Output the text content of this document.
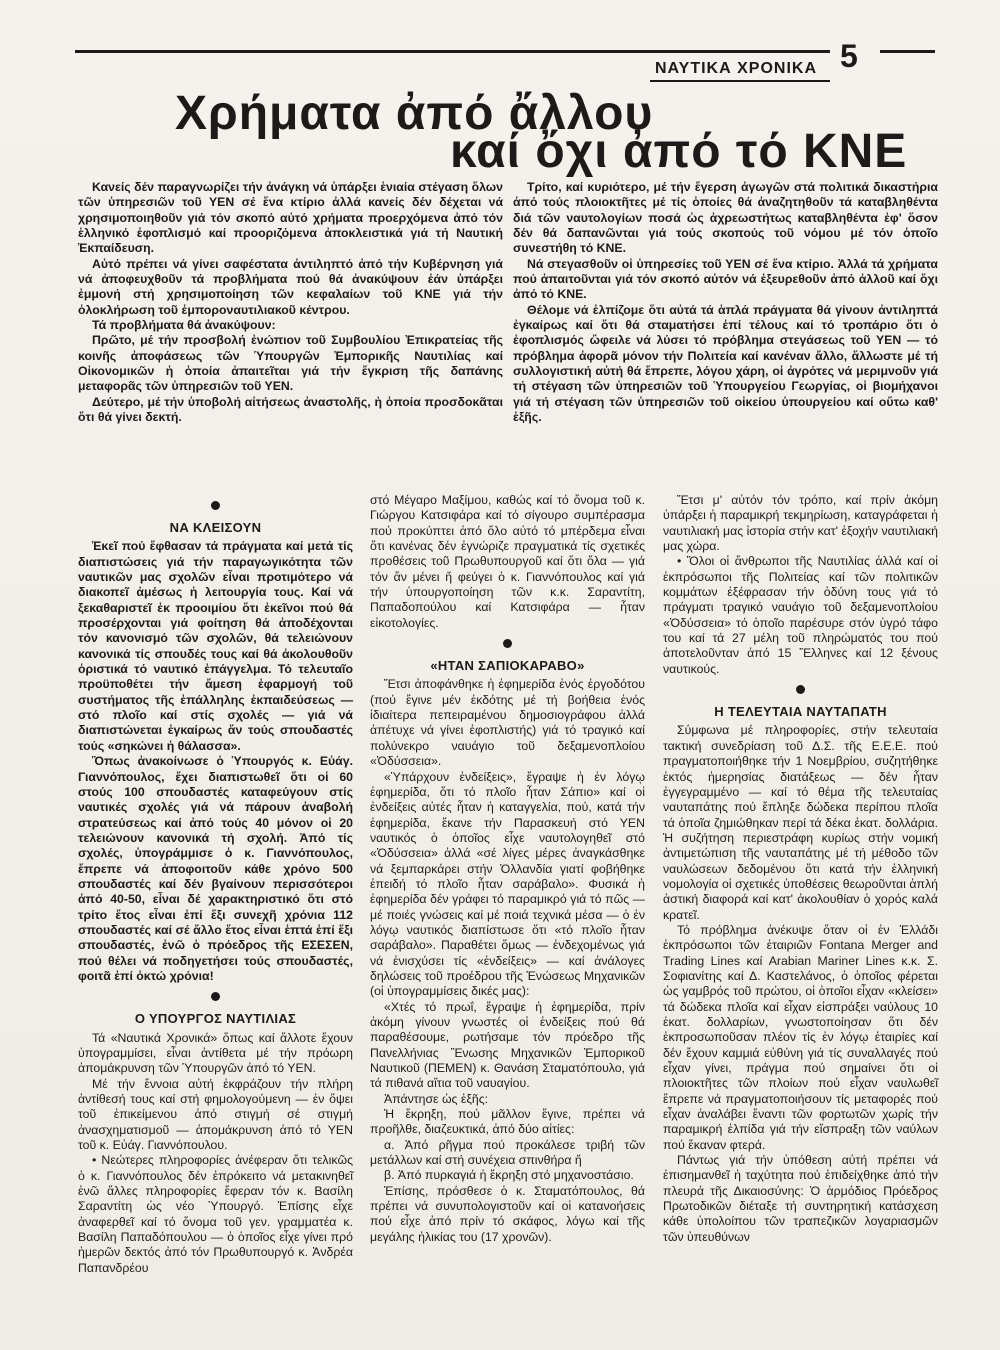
5
ΝΑΥΤΙΚΑ ΧΡΟΝΙΚΑ
Χρήματα ἀπό ἄλλου
καί ὄχι ἀπό τό ΚΝΕ

Κανείς δέν παραγνωρίζει τήν ἀνάγκη νά ὑπάρξει ἑνιαία στέγαση ὅλων τῶν ὑπηρεσιῶν τοῦ ΥΕΝ σέ ἕνα κτίριο ἀλλά κανείς δέν δέχεται νά χρησιμοποιηθοῦν γιά τόν σκοπό αὐτό χρήματα προερχόμενα ἀπό τόν ἑλληνικό ἐφοπλισμό καί προοριζόμενα ἀποκλειστικά γιά τή Ναυτική Ἐκπαίδευση.

Αὐτό πρέπει νά γίνει σαφέστατα ἀντιληπτό ἀπό τήν Κυβέρνηση γιά νά ἀποφευχθοῦν τά προβλήματα πού θά ἀνακύψουν ἐάν ὑπάρξει ἐμμονή στή χρησιμοποίηση τῶν κεφαλαίων τοῦ ΚΝΕ γιά τήν ὁλοκλήρωση τοῦ ἐμποροναυτιλιακοῦ κέντρου.

Τά προβλήματα θά ἀνακύψουν:

Πρῶτο, μέ τήν προσβολή ἐνώπιον τοῦ Συμβουλίου Ἐπικρατείας τῆς κοινῆς ἀποφάσεως τῶν Ὑπουργῶν Ἐμπορικῆς Ναυτιλίας καί Οἰκονομικῶν ἡ ὁποία ἀπαιτεῖται γιά τήν ἔγκριση τῆς δαπάνης μεταφορᾶς τῶν ὑπηρεσιῶν τοῦ ΥΕΝ.

Δεύτερο, μέ τήν ὑποβολή αἰτήσεως ἀναστολῆς, ἡ ὁποία προσδοκᾶται ὅτι θά γίνει δεκτή.

Τρίτο, καί κυριότερο, μέ τήν ἔγερση ἀγωγῶν στά πολιτικά δικαστήρια ἀπό τούς πλοιοκτῆτες μέ τίς ὁποίες θά ἀναζητηθοῦν τά καταβληθέντα διά τῶν ναυτολογίων ποσά ὡς ἀχρεωστήτως καταβληθέντα ἐφ' ὅσον δέν θά δαπανῶνται γιά τούς σκοπούς τοῦ νόμου μέ τόν ὁποῖο συνεστήθη τό ΚΝΕ.

Νά στεγασθοῦν οἱ ὑπηρεσίες τοῦ ΥΕΝ σέ ἕνα κτίριο. Ἀλλά τά χρήματα πού ἀπαιτοῦνται γιά τόν σκοπό αὐτόν νά ἐξευρεθοῦν ἀπό ἀλλοῦ καί ὄχι ἀπό τό ΚΝΕ.

Θέλομε νά ἐλπίζομε ὅτι αὐτά τά ἁπλά πράγματα θά γίνουν ἀντιληπτά ἐγκαίρως καί ὅτι θά σταματήσει ἐπί τέλους καί τό τροπάριο ὅτι ὁ ἐφοπλισμός ὤφειλε νά λύσει τό πρόβλημα στεγάσεως τοῦ ΥΕΝ — τό πρόβλημα ἀφορᾶ μόνον τήν Πολιτεία καί κανέναν ἄλλο, ἄλλωστε μέ τή συλλογιστική αὐτή θά ἔπρεπε, λόγου χάρη, οἱ ἀγρότες νά μεριμνοῦν γιά τή στέγαση τῶν ὑπηρεσιῶν τοῦ Ὑπουργείου Γεωργίας, οἱ βιομήχανοι γιά τή στέγαση τῶν ὑπηρεσιῶν τοῦ οἰκείου ὑπουργείου καί οὕτω καθ' ἑξῆς.

ΝΑ ΚΛΕΙΣΟΥΝ

Ἐκεῖ πού ἔφθασαν τά πράγματα καί μετά τίς διαπιστώσεις γιά τήν παραγωγικότητα τῶν ναυτικῶν μας σχολῶν εἶναι προτιμότερο νά διακοπεῖ ἀμέσως ἡ λειτουργία τους. Καί νά ξεκαθαριστεῖ ἐκ προοιμίου ὅτι ἐκεῖνοι πού θά προσέρχονται γιά φοίτηση θά ἀποδέχονται τόν κανονισμό τῶν σχολῶν, θά τελειώνουν κανονικά τίς σπουδές τους καί θά ἀκολουθοῦν ὁριστικά τό ναυτικό ἐπάγγελμα. Τό τελευταῖο προϋποθέτει τήν ἄμεση ἐφαρμογή τοῦ συστήματος τῆς ἐπάλληλης ἐκπαιδεύσεως — στό πλοῖο καί στίς σχολές — γιά νά διαπιστώνεται ἐγκαίρως ἄν τούς σπουδαστές τούς «σηκώνει ἡ θάλασσα».

Ὅπως ἀνακοίνωσε ὁ Ὑπουργός κ. Εὐάγ. Γιαννόπουλος, ἔχει διαπιστωθεῖ ὅτι οἱ 60 στούς 100 σπουδαστές καταφεύγουν στίς ναυτικές σχολές γιά νά πάρουν ἀναβολή στρατεύσεως καί ἀπό τούς 40 μόνον οἱ 20 τελειώνουν κανονικά τή σχολή. Ἀπό τίς σχολές, ὑπογράμμισε ὁ κ. Γιαννόπουλος, ἔπρεπε νά ἀποφοιτοῦν κάθε χρόνο 500 σπουδαστές καί δέν βγαίνουν περισσότεροι ἀπό 40-50, εἶναι δέ χαρακτηριστικό ὅτι στό τρίτο ἔτος εἶναι ἐπί ἕξι συνεχῆ χρόνια 112 σπουδαστές καί σέ ἄλλο ἔτος εἶναι ἑπτά ἐπί ἕξι σπουδαστές, ἐνῶ ὁ πρόεδρος τῆς ΕΣΕΣΕΝ, πού θέλει νά ποδηγετήσει τούς σπουδαστές, φοιτᾶ ἐπί ὀκτώ χρόνια!

Ο ΥΠΟΥΡΓΟΣ ΝΑΥΤΙΛΙΑΣ

Τά «Ναυτικά Χρονικά» ὅπως καί ἄλλοτε ἔχουν ὑπογραμμίσει, εἶναι ἀντίθετα μέ τήν πρόωρη ἀπομάκρυνση τῶν Ὑπουργῶν ἀπό τό ΥΕΝ.

Μέ τήν ἔννοια αὐτή ἐκφράζουν τήν πλήρη ἀντίθεσή τους καί στή φημολογούμενη — ἐν ὄψει τοῦ ἐπικείμενου ἀπό στιγμή σέ στιγμή ἀνασχηματισμοῦ — ἀπομάκρυνση ἀπό τό ΥΕΝ τοῦ κ. Εὐάγ. Γιαννόπουλου.

• Νεώτερες πληροφορίες ἀνέφεραν ὅτι τελικῶς ὁ κ. Γιαννόπουλος δέν ἐπρόκειτο νά μετακινηθεῖ ἐνῶ ἄλλες πληροφορίες ἔφεραν τόν κ. Βασίλη Σαραντίτη ὡς νέο Ὑπουργό. Ἐπίσης εἶχε ἀναφερθεῖ καί τό ὄνομα τοῦ γεν. γραμματέα κ. Βασίλη Παπαδόπουλου — ὁ ὁποῖος εἶχε γίνει πρό ἡμερῶν δεκτός ἀπό τόν Πρωθυπουργό κ. Ἀνδρέα Παπανδρέου

στό Μέγαρο Μαξίμου, καθώς καί τό ὄνομα τοῦ κ. Γιώργου Κατσιφάρα καί τό σίγουρο συμπέρασμα πού προκύπτει ἀπό ὅλο αὐτό τό μπέρδεμα εἶναι ὅτι κανένας δέν ἐγνώριζε πραγματικά τίς σχετικές προθέσεις τοῦ Πρωθυπουργοῦ καί ὅτι ὅλα — γιά τόν ἄν μένει ἤ φεύγει ὁ κ. Γιαννόπουλος καί γιά τήν ὑπουργοποίηση τῶν κ.κ. Σαραντίτη, Παπαδοπούλου καί Κατσιφάρα — ἦταν εἰκοτολογίες.

«ΗΤΑΝ ΣΑΠΙΟΚΑΡΑΒΟ»

Ἔτσι ἀποφάνθηκε ἡ ἐφημερίδα ἑνός ἐργοδότου (πού ἔγινε μέν ἐκδότης μέ τή βοήθεια ἑνός ἰδιαίτερα πεπειραμένου δημοσιογράφου ἀλλά ἀπέτυχε νά γίνει ἐφοπλιστής) γιά τό τραγικό καί πολύνεκρο ναυάγιο τοῦ δεξαμενοπλοίου «Ὀδύσσεια».

«Ὑπάρχουν ἐνδείξεις», ἔγραψε ἡ ἐν λόγῳ ἐφημερίδα, ὅτι τό πλοῖο ἦταν Σάπιο» καί οἱ ἐνδείξεις αὐτές ἦταν ἡ καταγγελία, πού, κατά τήν ἐφημερίδα, ἔκανε τήν Παρασκευή στό ΥΕΝ ναυτικός ὁ ὁποῖος εἶχε ναυτολογηθεῖ στό «Ὀδύσσεια» ἀλλά «σέ λίγες μέρες ἀναγκάσθηκε νά ξεμπαρκάρει στήν Ὁλλανδία γιατί φοβήθηκε ἐπειδή τό πλοῖο ἦταν σαράβαλο». Φυσικά ἡ ἐφημερίδα δέν γράφει τό παραμικρό γιά τό πῶς — μέ ποιές γνώσεις καί μέ ποιά τεχνικά μέσα — ὁ ἐν λόγῳ ναυτικός διαπίστωσε ὅτι «τό πλοῖο ἦταν σαράβαλο». Παραθέτει ὅμως — ἐνδεχομένως γιά νά ἐνισχύσει τίς «ἐνδείξεις» — καί ἀνάλογες δηλώσεις τοῦ προέδρου τῆς Ἑνώσεως Μηχανικῶν (οἱ ὑπογραμμίσεις δικές μας):

«Χτές τό πρωΐ, ἔγραψε ἡ ἐφημερίδα, πρίν ἀκόμη γίνουν γνωστές οἱ ἐνδείξεις πού θά παραθέσουμε, ρωτήσαμε τόν πρόεδρο τῆς Πανελλήνιας Ἕνωσης Μηχανικῶν Ἐμπορικοῦ Ναυτικοῦ (ΠΕΜΕΝ) κ. Θανάση Σταματόπουλο, γιά τά πιθανά αἴτια τοῦ ναυαγίου.

Ἀπάντησε ὡς ἑξῆς:

Ἡ ἔκρηξη, πού μᾶλλον ἔγινε, πρέπει νά προῆλθε, διαζευκτικά, ἀπό δύο αἰτίες:

α. Ἀπό ρῆγμα πού προκάλεσε τριβή τῶν μετάλλων καί στή συνέχεια σπινθήρα ἤ

β. Ἀπό πυρκαγιά ἡ ἔκρηξη στό μηχανοστάσιο.

Ἐπίσης, πρόσθεσε ὁ κ. Σταματόπουλος, θά πρέπει νά συνυπολογιστοῦν καί οἱ κατανοήσεις πού εἶχε ἀπό πρίν τό σκάφος, λόγω καί τῆς μεγάλης ἡλικίας του (17 χρονῶν).

Ἔτσι μ' αὐτόν τόν τρόπο, καί πρίν ἀκόμη ὑπάρξει ἡ παραμικρή τεκμηρίωση, καταγράφεται ἡ ναυτιλιακή μας ἱστορία στήν κατ' ἐξοχήν ναυτιλιακή μας χώρα.

• Ὅλοι οἱ ἄνθρωποι τῆς Ναυτιλίας ἀλλά καί οἱ ἐκπρόσωποι τῆς Πολιτείας καί τῶν πολιτικῶν κομμάτων ἐξέφρασαν τήν ὀδύνη τους γιά τό πράγματι τραγικό ναυάγιο τοῦ δεξαμενοπλοίου «Ὀδύσσεια» τό ὁποῖο παρέσυρε στόν ὑγρό τάφο του καί τά 27 μέλη τοῦ πληρώματός του πού ἀποτελοῦνταν ἀπό 15 Ἕλληνες καί 12 ξένους ναυτικούς.

Η ΤΕΛΕΥΤΑΙΑ ΝΑΥΤΑΠΑΤΗ

Σύμφωνα μέ πληροφορίες, στήν τελευταία τακτική συνεδρίαση τοῦ Δ.Σ. τῆς Ε.Ε.Ε. πού πραγματοποιήθηκε τήν 1 Νοεμβρίου, συζητήθηκε ἐκτός ἡμερησίας διατάξεως — δέν ἦταν ἐγγεγραμμένο — καί τό θέμα τῆς τελευταίας ναυταπάτης πού ἔπληξε δώδεκα περίπου πλοῖα τά ὁποῖα ζημιώθηκαν περί τά δέκα ἑκατ. δολλάρια. Ἡ συζήτηση περιεστράφη κυρίως στήν νομική ἀντιμετώπιση τῆς ναυταπάτης μέ τή μέθοδο τῶν ναυλώσεων δεδομένου ὅτι κατά τήν ἑλληνική νομολογία οἱ σχετικές ὑποθέσεις θεωροῦνται ἁπλή ἀστική διαφορά καί κατ' ἀκολουθίαν ὁ χορός καλά κρατεῖ.

Τό πρόβλημα ἀνέκυψε ὅταν οἱ ἐν Ἑλλάδι ἐκπρόσωποι τῶν ἑταιριῶν Fontana Merger and Trading Lines καί Arabian Mariner Lines κ.κ. Σ. Σοφιανίτης καί Δ. Καστελάνος, ὁ ὁποῖος φέρεται ὡς γαμβρός τοῦ πρώτου, οἱ ὁποῖοι εἶχαν «κλείσει» τά δώδεκα πλοῖα καί εἶχαν εἰσπράξει ναύλους 10 ἑκατ. δολλαρίων, γνωστοποίησαν ὅτι δέν ἐκπροσωποῦσαν πλέον τίς ἐν λόγῳ ἑταιρίες καί δέν ἔχουν καμμιά εὐθύνη γιά τίς συναλλαγές πού εἶχαν γίνει, πράγμα πού σημαίνει ὅτι οἱ πλοιοκτῆτες τῶν πλοίων πού εἶχαν ναυλωθεῖ ἔπρεπε νά πραγματοποιήσουν τίς μεταφορές πού εἶχαν ἀναλάβει ἔναντι τῶν φορτωτῶν χωρίς τήν παραμικρή ἐλπίδα γιά τήν εἴσπραξη τῶν ναύλων πού ἔκαναν φτερά.

Πάντως γιά τήν ὑπόθεση αὐτή πρέπει νά ἐπισημανθεῖ ἡ ταχύτητα πού ἐπιδείχθηκε ἀπό τήν πλευρά τῆς Δικαιοσύνης: Ὁ ἁρμόδιος Πρόεδρος Πρωτοδικῶν διέταξε τή συντηρητική κατάσχεση κάθε ὑπολοίπου τῶν τραπεζικῶν λογαριασμῶν τῶν ὑπευθύνων
